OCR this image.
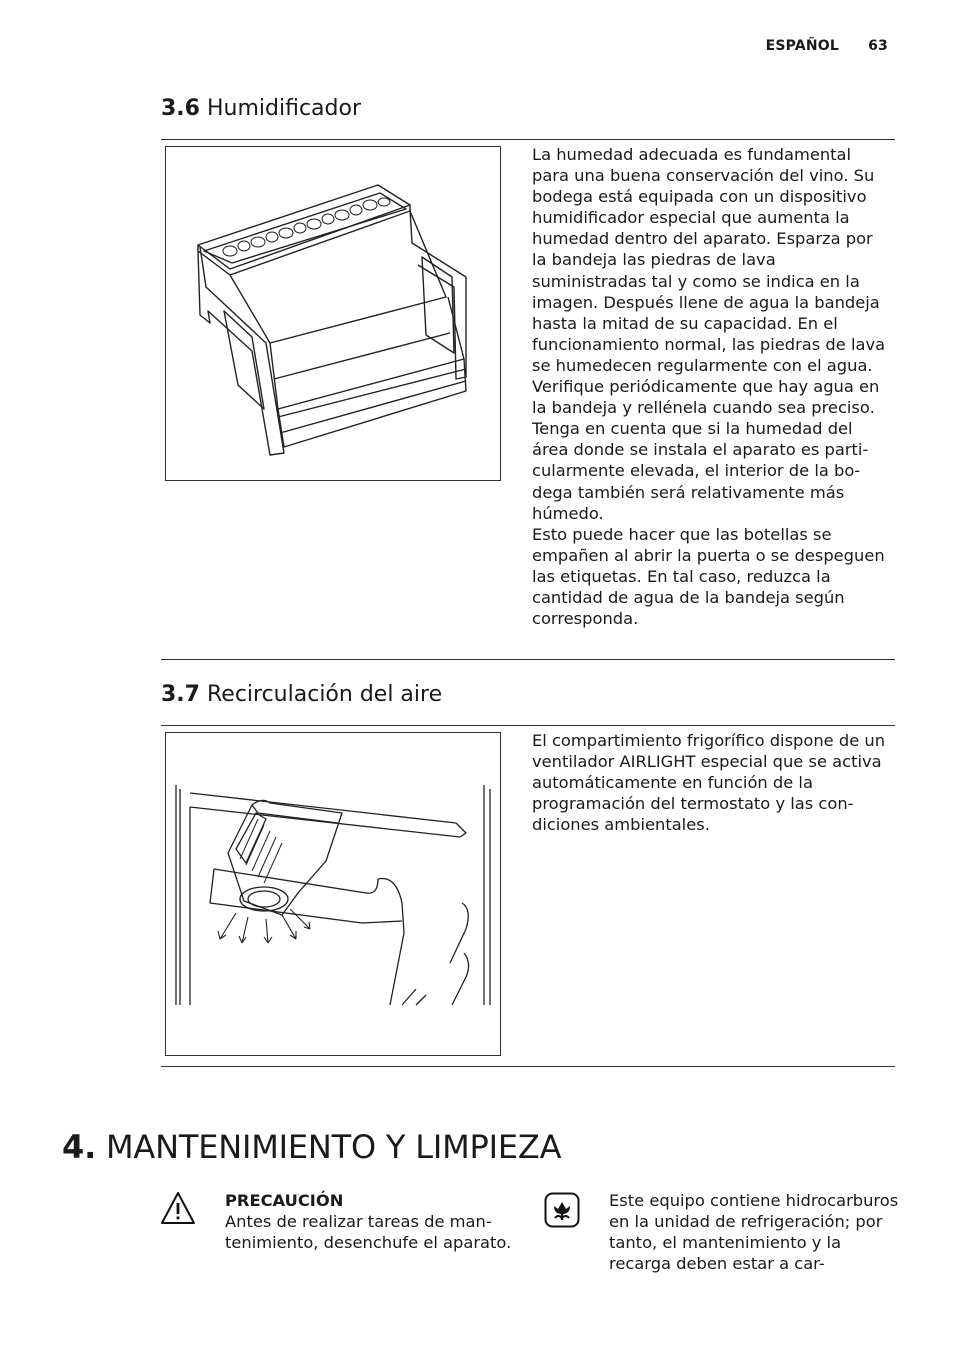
ESPAÑOL 63
3.6 Humidificador

La humedad adecuada es fundamental para una buena conservación del vino. Su bodega está equipada con un dispositivo humidificador especial que aumenta la humedad dentro del aparato. Esparza por la bandeja las piedras de lava suministradas tal y como se indica en la imagen. Después llene de agua la bandeja hasta la mitad de su capacidad. En el funcionamiento normal, las piedras de lava se humedecen regularmente con el agua. Verifique periódicamente que hay agua en la bandeja y rellénela cuando sea preciso.

Tenga en cuenta que si la humedad del área donde se instala el aparato es particularmente elevada, el interior de la bodega también será relativamente más húmedo.

Esto puede hacer que las botellas se empañen al abrir la puerta o se despeguen las etiquetas. En tal caso, reduzca la cantidad de agua de la bandeja según corresponda.

3.7 Recirculación del aire

El compartimiento frigorífico dispone de un ventilador AIRLIGHT especial que se activa automáticamente en función de la programación del termostato y las condiciones ambientales.

4. MANTENIMIENTO Y LIMPIEZA
PRECAUCIÓN
Antes de realizar tareas de mantenimiento, desenchufe el aparato.
Este equipo contiene hidrocarburos en la unidad de refrigeración; por tanto, el mantenimiento y la recarga deben estar a car-
